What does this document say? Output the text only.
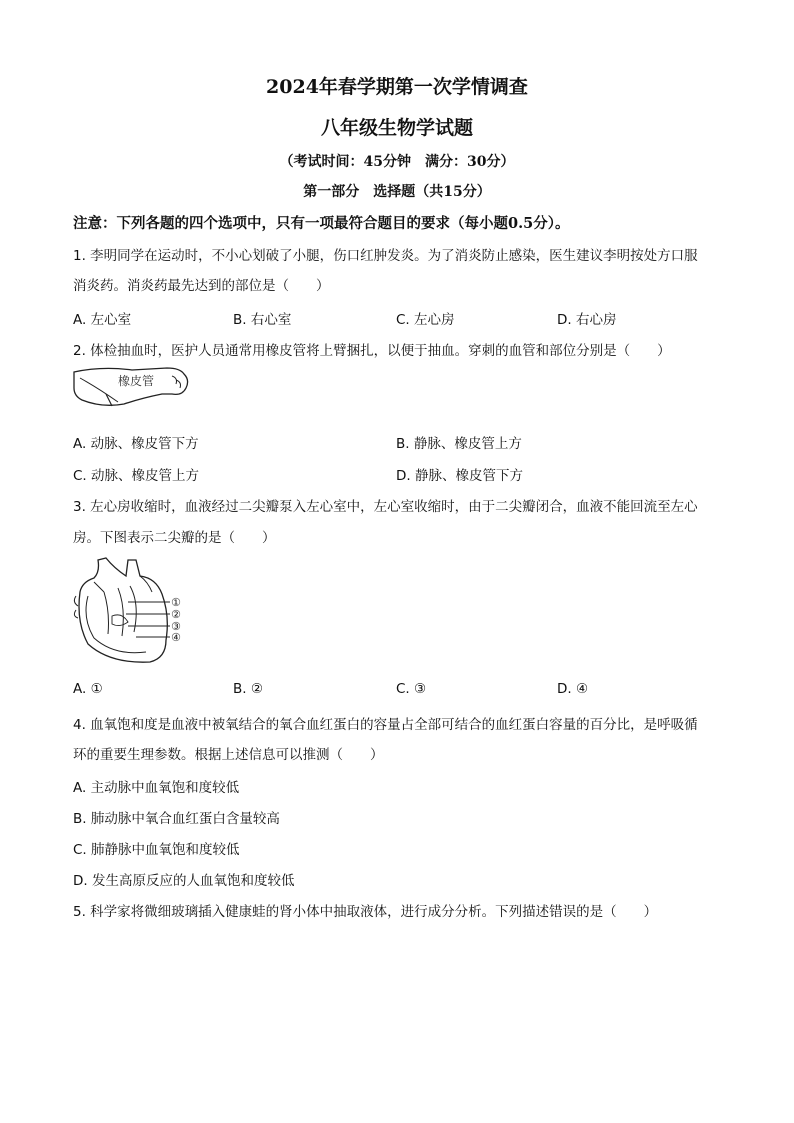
2024年春学期第一次学情调查
八年级生物学试题
（考试时间：45分钟　满分：30分）
第一部分　选择题（共15分）
注意：下列各题的四个选项中，只有一项最符合题目的要求（每小题0.5分）。
1. 李明同学在运动时，不小心划破了小腿，伤口红肿发炎。为了消炎防止感染，医生建议李明按处方口服
消炎药。消炎药最先达到的部位是（　　）
A. 左心室	B. 右心室	C. 左心房	D. 右心房
2. 体检抽血时，医护人员通常用橡皮管将上臂捆扎，以便于抽血。穿刺的血管和部位分别是（　　）
橡皮管
A. 动脉、橡皮管下方	B. 静脉、橡皮管上方
C. 动脉、橡皮管上方	D. 静脉、橡皮管下方
3. 左心房收缩时，血液经过二尖瓣泵入左心室中，左心室收缩时，由于二尖瓣闭合，血液不能回流至左心
房。下图表示二尖瓣的是（　　）
①
②
③
④
A. ①	B. ②	C. ③	D. ④
4. 血氧饱和度是血液中被氧结合的氧合血红蛋白的容量占全部可结合的血红蛋白容量的百分比，是呼吸循
环的重要生理参数。根据上述信息可以推测（　　）
A. 主动脉中血氧饱和度较低
B. 肺动脉中氧合血红蛋白含量较高
C. 肺静脉中血氧饱和度较低
D. 发生高原反应的人血氧饱和度较低
5. 科学家将微细玻璃插入健康蛙的肾小体中抽取液体，进行成分分析。下列描述错误的是（　　）
